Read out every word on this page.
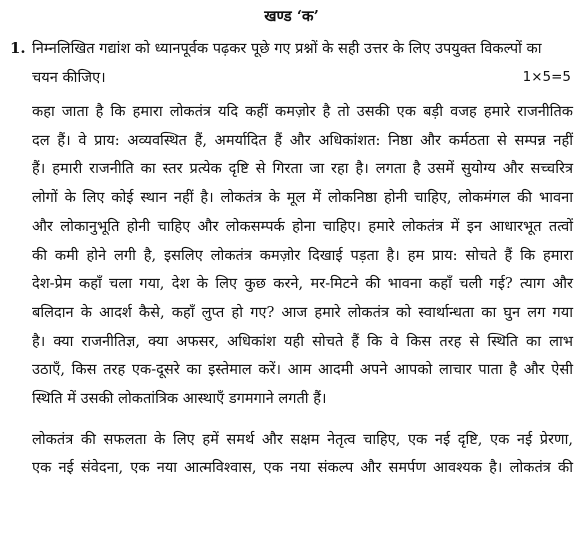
खण्ड ‘क’
1. निम्नलिखित गद्यांश को ध्यानपूर्वक पढ़कर पूछे गए प्रश्नों के सही उत्तर के लिए उपयुक्त विकल्पों का

चयन कीजिए।	1×5=5

कहा जाता है कि हमारा लोकतंत्र यदि कहीं कमज़ोर है तो उसकी एक बड़ी वजह हमारे राजनीतिक
दल हैं। वे प्राय: अव्यवस्थित हैं, अमर्यादित हैं और अधिकांशत: निष्ठा और कर्मठता से सम्पन्न नहीं
हैं। हमारी राजनीति का स्तर प्रत्येक दृष्टि से गिरता जा रहा है। लगता है उसमें सुयोग्य और सच्चरित्र
लोगों के लिए कोई स्थान नहीं है। लोकतंत्र के मूल में लोकनिष्ठा होनी चाहिए, लोकमंगल की भावना
और लोकानुभूति होनी चाहिए और लोकसम्पर्क होना चाहिए। हमारे लोकतंत्र में इन आधारभूत तत्वों
की कमी होने लगी है, इसलिए लोकतंत्र कमज़ोर दिखाई पड़ता है। हम प्राय: सोचते हैं कि हमारा
देश-प्रेम कहाँ चला गया, देश के लिए कुछ करने, मर-मिटने की भावना कहाँ चली गई? त्याग और
बलिदान के आदर्श कैसे, कहाँ लुप्त हो गए? आज हमारे लोकतंत्र को स्वार्थान्धता का घुन लग गया
है। क्या राजनीतिज्ञ, क्या अफसर, अधिकांश यही सोचते हैं कि वे किस तरह से स्थिति का लाभ
उठाएँ, किस तरह एक-दूसरे का इस्तेमाल करें। आम आदमी अपने आपको लाचार पाता है और ऐसी
स्थिति में उसकी लोकतांत्रिक आस्थाएँ डगमगाने लगती हैं।

लोकतंत्र की सफलता के लिए हमें समर्थ और सक्षम नेतृत्व चाहिए, एक नई दृष्टि, एक नई प्रेरणा,
एक नई संवेदना, एक नया आत्मविश्वास, एक नया संकल्प और समर्पण आवश्यक है। लोकतंत्र की
